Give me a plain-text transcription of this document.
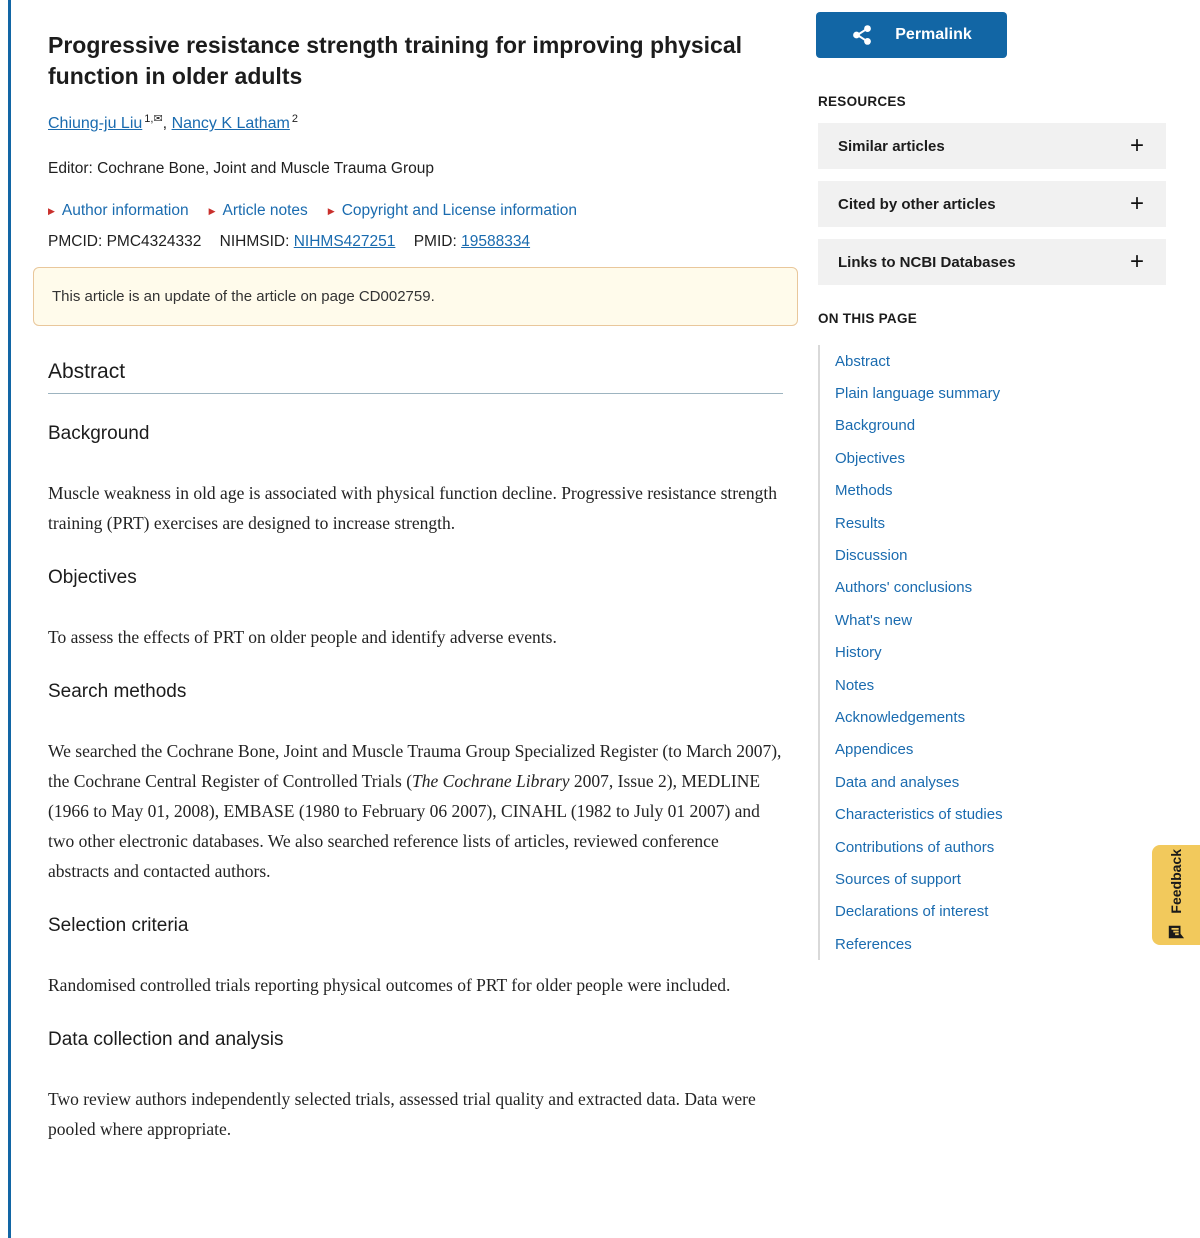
Progressive resistance strength training for improving physical function in older adults
Chiung-ju Liu $^{1,✉}$, Nancy K Latham $^2$
Editor: Cochrane Bone, Joint and Muscle Trauma Group
▶ Author information ▶ Article notes ▶ Copyright and License information
PMCID: PMC4324332 NIHMSID: NIHMS427251 PMID: 19588334
This article is an update of the article on page CD002759.
Abstract
Background

Muscle weakness in old age is associated with physical function decline. Progressive resistance strength training (PRT) exercises are designed to increase strength.

Objectives

To assess the effects of PRT on older people and identify adverse events.

Search methods

We searched the Cochrane Bone, Joint and Muscle Trauma Group Specialized Register (to March 2007), the Cochrane Central Register of Controlled Trials (The Cochrane Library 2007, Issue 2), MEDLINE (1966 to May 01, 2008), EMBASE (1980 to February 06 2007), CINAHL (1982 to July 01 2007) and two other electronic databases. We also searched reference lists of articles, reviewed conference abstracts and contacted authors.

Selection criteria

Randomised controlled trials reporting physical outcomes of PRT for older people were included.

Data collection and analysis

Two review authors independently selected trials, assessed trial quality and extracted data. Data were pooled where appropriate.

Permalink
RESOURCES
Similar articles	+
Cited by other articles	+
Links to NCBI Databases	+
ON THIS PAGE
Abstract
Plain language summary
Background
Objectives
Methods
Results
Discussion
Authors' conclusions
What's new
History
Notes
Acknowledgements
Appendices
Data and analyses
Characteristics of studies
Contributions of authors
Sources of support
Declarations of interest
References
Feedback
